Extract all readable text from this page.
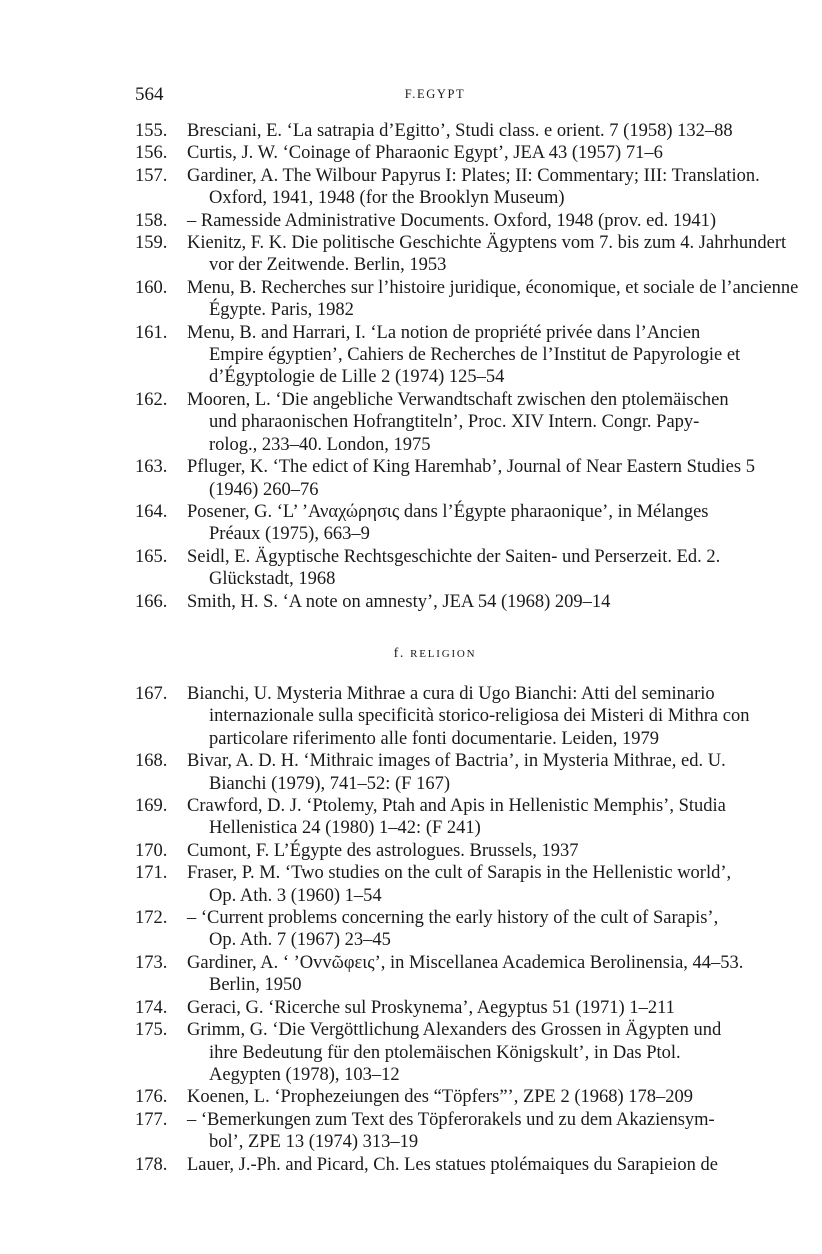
564	F.EGYPT
155. Bresciani, E. ‘La satrapia d’Egitto’, Studi class. e orient. 7 (1958) 132–88
156. Curtis, J. W. ‘Coinage of Pharaonic Egypt’, JEA 43 (1957) 71–6
157. Gardiner, A. The Wilbour Papyrus I: Plates; II: Commentary; III: Translation.
Oxford, 1941, 1948 (for the Brooklyn Museum)
158. – Ramesside Administrative Documents. Oxford, 1948 (prov. ed. 1941)
159. Kienitz, F. K. Die politische Geschichte Ägyptens vom 7. bis zum 4. Jahrhundert
vor der Zeitwende. Berlin, 1953
160. Menu, B. Recherches sur l’histoire juridique, économique, et sociale de l’ancienne
Égypte. Paris, 1982
161. Menu, B. and Harrari, I. ‘La notion de propriété privée dans l’Ancien
Empire égyptien’, Cahiers de Recherches de l’Institut de Papyrologie et
d’Égyptologie de Lille 2 (1974) 125–54
162. Mooren, L. ‘Die angebliche Verwandtschaft zwischen den ptolemäischen
und pharaonischen Hofrangtiteln’, Proc. XIV Intern. Congr. Papy-
rolog., 233–40. London, 1975
163. Pfluger, K. ‘The edict of King Haremhab’, Journal of Near Eastern Studies 5
(1946) 260–76
164. Posener, G. ‘L’ ’Αναχώρησις dans l’Égypte pharaonique’, in Mélanges
Préaux (1975), 663–9
165. Seidl, E. Ägyptische Rechtsgeschichte der Saiten- und Perserzeit. Ed. 2.
Glückstadt, 1968
166. Smith, H. S. ‘A note on amnesty’, JEA 54 (1968) 209–14
f. RELIGION
167. Bianchi, U. Mysteria Mithrae a cura di Ugo Bianchi: Atti del seminario
internazionale sulla specificità storico-religiosa dei Misteri di Mithra con
particolare riferimento alle fonti documentarie. Leiden, 1979
168. Bivar, A. D. H. ‘Mithraic images of Bactria’, in Mysteria Mithrae, ed. U.
Bianchi (1979), 741–52: (F 167)
169. Crawford, D. J. ‘Ptolemy, Ptah and Apis in Hellenistic Memphis’, Studia
Hellenistica 24 (1980) 1–42: (F 241)
170. Cumont, F. L’Égypte des astrologues. Brussels, 1937
171. Fraser, P. M. ‘Two studies on the cult of Sarapis in the Hellenistic world’,
Op. Ath. 3 (1960) 1–54
172. – ‘Current problems concerning the early history of the cult of Sarapis’,
Op. Ath. 7 (1967) 23–45
173. Gardiner, A. ‘ ’Ovvῶφεις’, in Miscellanea Academica Berolinensia, 44–53.
Berlin, 1950
174. Geraci, G. ‘Ricerche sul Proskynema’, Aegyptus 51 (1971) 1–211
175. Grimm, G. ‘Die Vergöttlichung Alexanders des Grossen in Ägypten und
ihre Bedeutung für den ptolemäischen Königskult’, in Das Ptol.
Aegypten (1978), 103–12
176. Koenen, L. ‘Prophezeiungen des “Töpfers”’, ZPE 2 (1968) 178–209
177. – ‘Bemerkungen zum Text des Töpferorakels und zu dem Akaziensym-
bol’, ZPE 13 (1974) 313–19
178. Lauer, J.-Ph. and Picard, Ch. Les statues ptolémaiques du Sarapieion de
